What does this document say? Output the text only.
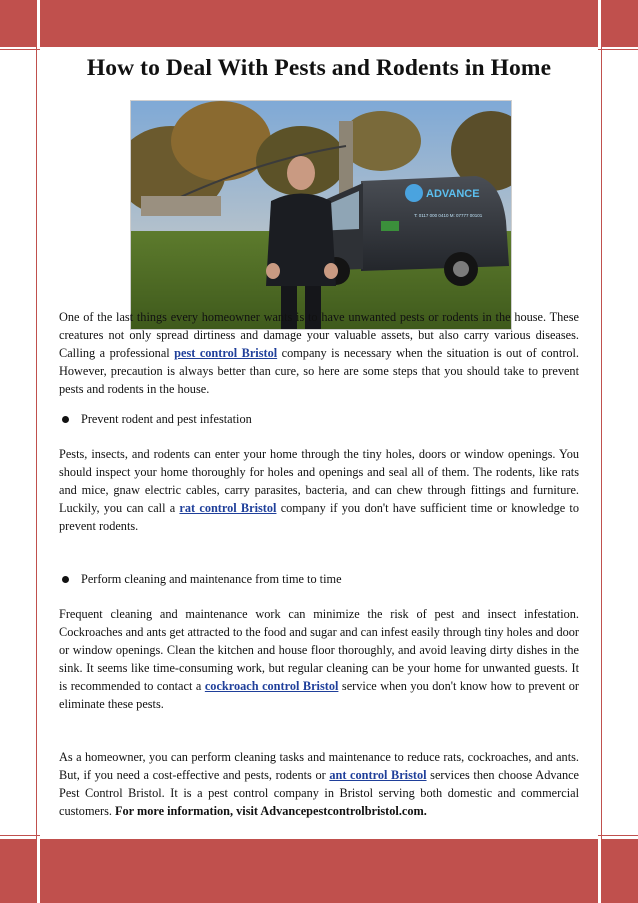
How to Deal With Pests and Rodents in Home
ADVANCE
T: 0117 000 0410 M: 07777 00101

One of the last things every homeowner wants is to have unwanted pests or rodents in the house. These creatures not only spread dirtiness and damage your valuable assets, but also carry various diseases. Calling a professional pest control Bristol company is necessary when the situation is out of control. However, precaution is always better than cure, so here are some steps that you should take to prevent pests and rodents in the house.

Prevent rodent and pest infestation

Pests, insects, and rodents can enter your home through the tiny holes, doors or window openings. You should inspect your home thoroughly for holes and openings and seal all of them. The rodents, like rats and mice, gnaw electric cables, carry parasites, bacteria, and can chew through fittings and furniture. Luckily, you can call a rat control Bristol company if you don't have sufficient time or knowledge to prevent rodents.

Perform cleaning and maintenance from time to time

Frequent cleaning and maintenance work can minimize the risk of pest and insect infestation. Cockroaches and ants get attracted to the food and sugar and can infest easily through tiny holes and door or window openings. Clean the kitchen and house floor thoroughly, and avoid leaving dirty dishes in the sink. It seems like time-consuming work, but regular cleaning can be your home for unwanted guests. It is recommended to contact a cockroach control Bristol service when you don't know how to prevent or eliminate these pests.

As a homeowner, you can perform cleaning tasks and maintenance to reduce rats, cockroaches, and ants. But, if you need a cost-effective and pests, rodents or ant control Bristol services then choose Advance Pest Control Bristol. It is a pest control company in Bristol serving both domestic and commercial customers. For more information, visit Advancepestcontrolbristol.com.
